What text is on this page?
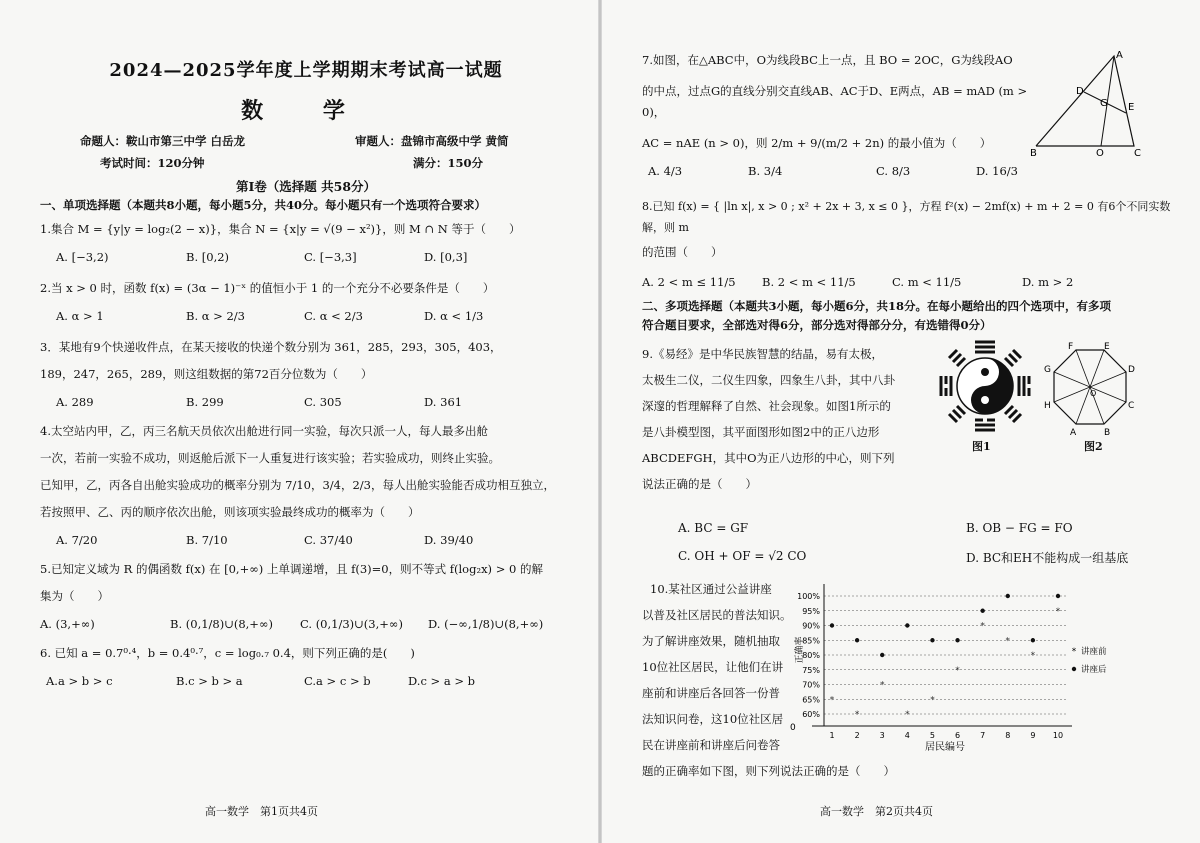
2024—2025学年度上学期期末考试高一试题
数 学
命题人：鞍山市第三中学 白岳龙	审题人：盘锦市高级中学 黄简
考试时间：120分钟	满分：150分
第Ⅰ卷（选择题 共58分）
一、单项选择题（本题共8小题，每小题5分，共40分。每小题只有一个选项符合要求）

1.集合 M = {y|y = log₂(2 − x)}，集合 N = {x|y = √(9 − x²)}，则 M ∩ N 等于（　　）

A. [−3,2)	B. [0,2)	C. [−3,3]	D. [0,3]

2.当 x > 0 时，函数 f(x) = (3α − 1)⁻ˣ 的值恒小于 1 的一个充分不必要条件是（　　）

A. α > 1	B. α > 2/3	C. α < 2/3	D. α < 1/3

3．某地有9个快递收件点，在某天接收的快递个数分别为 361，285，293，305，403，

189，247，265，289，则这组数据的第72百分位数为（　　）

A. 289	B. 299	C. 305	D. 361

4.太空站内甲，乙，丙三名航天员依次出舱进行同一实验，每次只派一人，每人最多出舱

一次，若前一实验不成功，则返舱后派下一人重复进行该实验；若实验成功，则终止实验。

已知甲，乙，丙各自出舱实验成功的概率分别为 7/10，3/4，2/3，每人出舱实验能否成功相互独立，

若按照甲、乙、丙的顺序依次出舱，则该项实验最终成功的概率为（　　）

A. 7/20	B. 7/10	C. 37/40	D. 39/40

5.已知定义域为 R 的偶函数 f(x) 在 [0,+∞) 上单调递增，且 f(3)=0，则不等式 f(log₂x) > 0 的解

集为（　　）

A. (3,+∞)	B. (0,1/8)∪(8,+∞)	C. (0,1/3)∪(3,+∞)	D. (−∞,1/8)∪(8,+∞)

6. 已知 a = 0.7⁰·⁴，b = 0.4⁰·⁷，c = log₀.₇ 0.4，则下列正确的是(　　)

A.a > b > c	B.c > b > a	C.a > c > b	D.c > a > b
高一数学　第1页共4页

7.如图，在△ABC中，O为线段BC上一点，且 BO = 2OC，G为线段AO

的中点，过点G的直线分别交直线AB、AC于D、E两点，AB = mAD (m > 0)，

AC = nAE (n > 0)，则 2/m + 9/(m/2 + 2n) 的最小值为（　　）

A
B	C
O
D
E
G
A. 4/3	B. 3/4	C. 8/3	D. 16/3

8.已知 f(x) = { |ln x|, x > 0 ; x² + 2x + 3, x ≤ 0 }，方程 f²(x) − 2mf(x) + m + 2 = 0 有6个不同实数解，则 m

的范围（　　）

A. 2 < m ≤ 11/5	B. 2 < m < 11/5	C. m < 11/5	D. m > 2
二、多项选择题（本题共3小题，每小题6分，共18分。在每小题给出的四个选项中，有多项
符合题目要求，全部选对得6分，部分选对得部分分，有选错得0分）

9.《易经》是中华民族智慧的结晶，易有太极，

太极生二仪，二仪生四象，四象生八卦，其中八卦

深邃的哲理解释了自然、社会现象。如图1所示的

是八卦模型图，其平面图形如图2中的正八边形

ABCDEFGH，其中O为正八边形的中心，则下列

说法正确的是（　　）

图1
F	E
D
C
B
A
H
G
O
图2
A. BC = GF	B. OB − FG = FO
C. OH + OF = √2 CO	D. BC和EH不能构成一组基底

10.某社区通过公益讲座

以普及社区居民的普法知识。

为了解讲座效果，随机抽取

10位社区居民，让他们在讲

座前和讲座后各回答一份普

法知识问卷，这10位社区居

民在讲座前和讲座后问卷答

题的正确率如下图，则下列说法正确的是（　　）

60%
65%
70%
75%
80%
85%
90%
95%
100%
1	2	3	4	5	6	7	8	9 10
*
*
*
*
*
*
*
*
*
*
正确率
居民编号
* 讲座前
讲座后
0
高一数学　第2页共4页
